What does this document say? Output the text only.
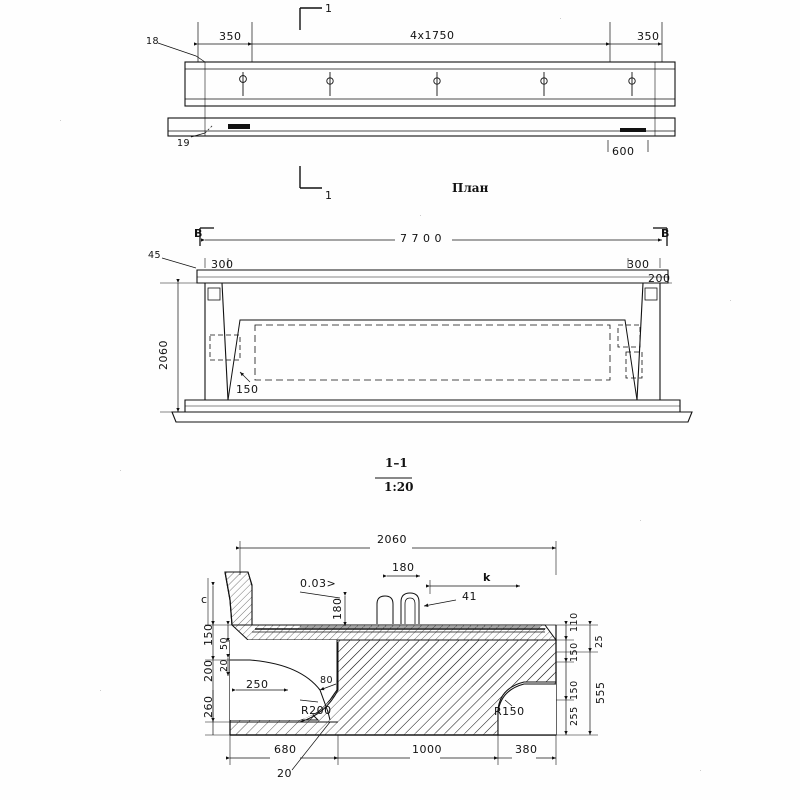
План
1–1
1:20
350	4x1750	350
18
19
600
1
1
B	B
7 7 0 0
45
300	300
200
2060
150
2060
0.03>
180
180
k
41
c
150 50
20
200
260
250	80
R200	R150
110
25
150
150
255
555
680	1000	380
20
